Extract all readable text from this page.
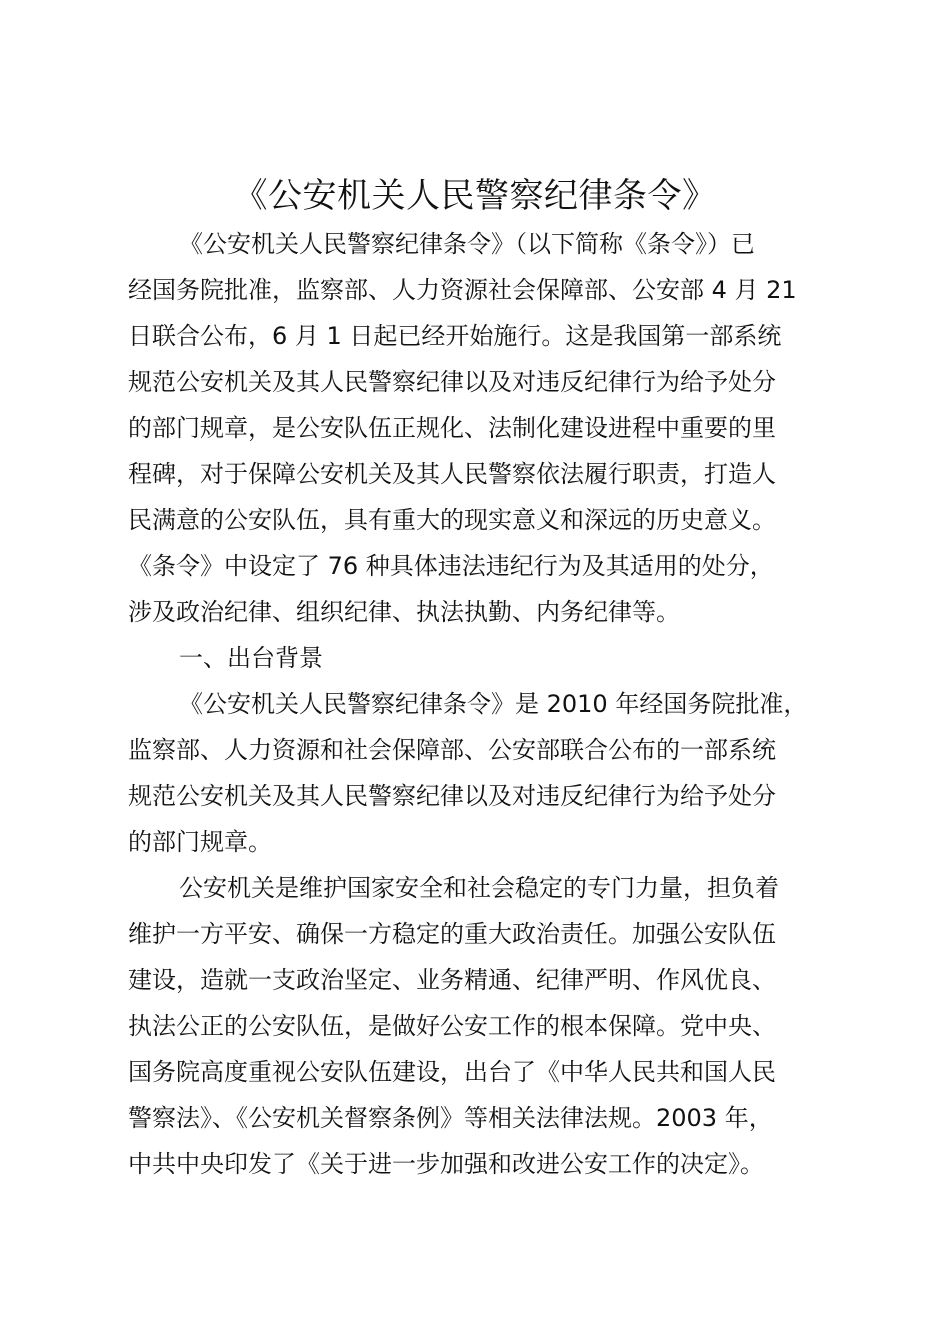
《公安机关人民警察纪律条令》
《公安机关人民警察纪律条令》（以下简称《条令》）已
经国务院批准，监察部、人力资源社会保障部、公安部 4 月 21
日联合公布，6 月 1 日起已经开始施行。这是我国第一部系统
规范公安机关及其人民警察纪律以及对违反纪律行为给予处分
的部门规章，是公安队伍正规化、法制化建设进程中重要的里
程碑，对于保障公安机关及其人民警察依法履行职责，打造人
民满意的公安队伍，具有重大的现实意义和深远的历史意义。
《条令》中设定了 76 种具体违法违纪行为及其适用的处分，
涉及政治纪律、组织纪律、执法执勤、内务纪律等。
一、出台背景
《公安机关人民警察纪律条令》是 2010 年经国务院批准，
监察部、人力资源和社会保障部、公安部联合公布的一部系统
规范公安机关及其人民警察纪律以及对违反纪律行为给予处分
的部门规章。
公安机关是维护国家安全和社会稳定的专门力量，担负着
维护一方平安、确保一方稳定的重大政治责任。加强公安队伍
建设，造就一支政治坚定、业务精通、纪律严明、作风优良、
执法公正的公安队伍，是做好公安工作的根本保障。党中央、
国务院高度重视公安队伍建设，出台了《中华人民共和国人民
警察法》、《公安机关督察条例》等相关法律法规。2003 年，
中共中央印发了《关于进一步加强和改进公安工作的决定》。
